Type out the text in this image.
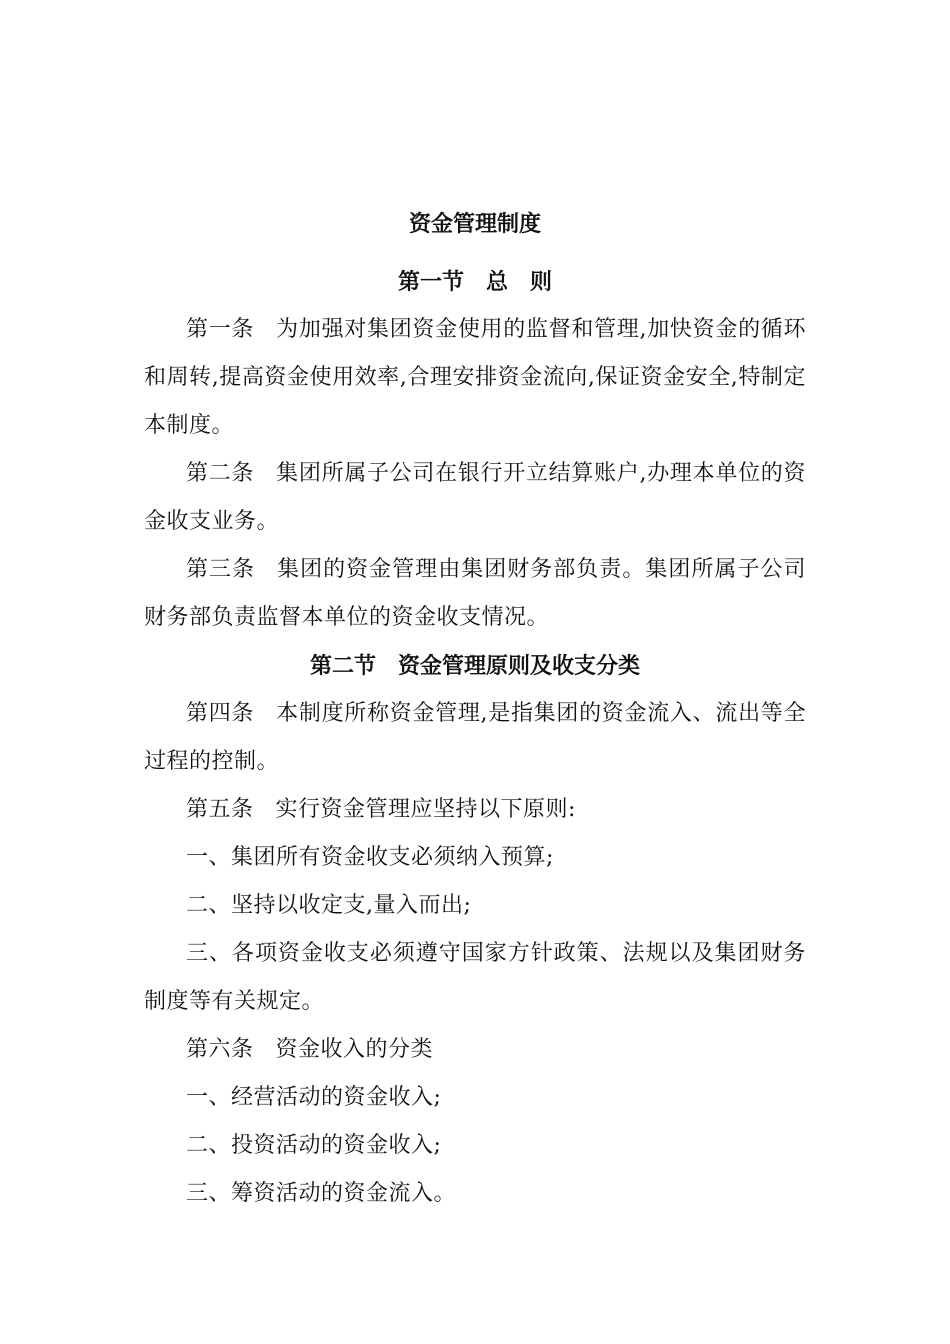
资金管理制度
第一节　总　则

第一条 为加强对集团资金使用的监督和管理,加快资金的循环和周转,提高资金使用效率,合理安排资金流向,保证资金安全,特制定本制度。

第二条 集团所属子公司在银行开立结算账户,办理本单位的资金收支业务。

第三条 集团的资金管理由集团财务部负责。集团所属子公司财务部负责监督本单位的资金收支情况。

第二节　资金管理原则及收支分类

第四条 本制度所称资金管理,是指集团的资金流入、流出等全过程的控制。

第五条 实行资金管理应坚持以下原则:

一、集团所有资金收支必须纳入预算;

二、坚持以收定支,量入而出;

三、各项资金收支必须遵守国家方针政策、法规以及集团财务制度等有关规定。

第六条 资金收入的分类

一、经营活动的资金收入;

二、投资活动的资金收入;

三、筹资活动的资金流入。
